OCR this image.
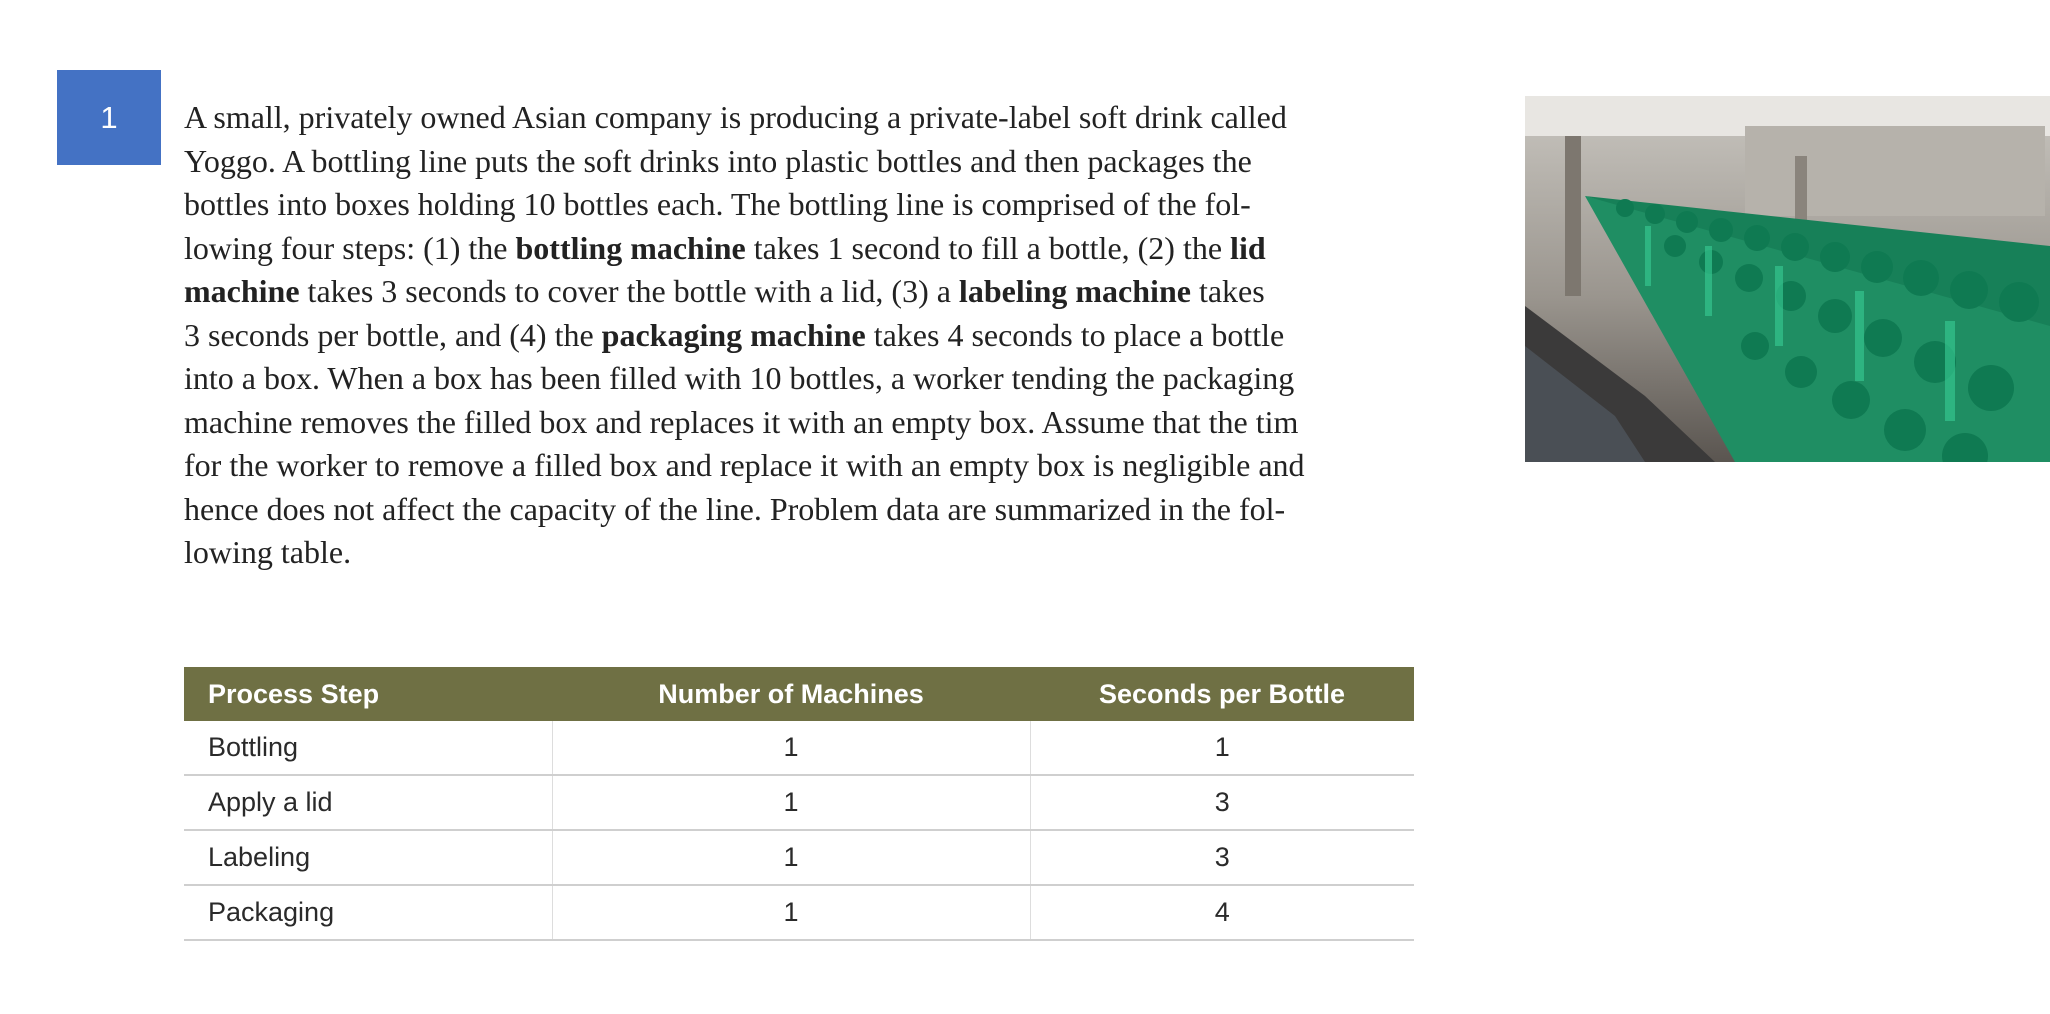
1	A small, privately owned Asian company is producing a private-label soft drink called
Yoggo. A bottling line puts the soft drinks into plastic bottles and then packages the
bottles into boxes holding 10 bottles each. The bottling line is comprised of the fol-
lowing four steps: (1) the bottling machine takes 1 second to fill a bottle, (2) the lid
machine takes 3 seconds to cover the bottle with a lid, (3) a labeling machine takes
3 seconds per bottle, and (4) the packaging machine takes 4 seconds to place a bottle
into a box. When a box has been filled with 10 bottles, a worker tending the packaging
machine removes the filled box and replaces it with an empty box. Assume that the tim
for the worker to remove a filled box and replace it with an empty box is negligible and
hence does not affect the capacity of the line. Problem data are summarized in the fol-
lowing table.
Process Step	Number of Machines	Seconds per Bottle
Bottling	1	1
Apply a lid	1	3
Labeling	1	3
Packaging	1	4
